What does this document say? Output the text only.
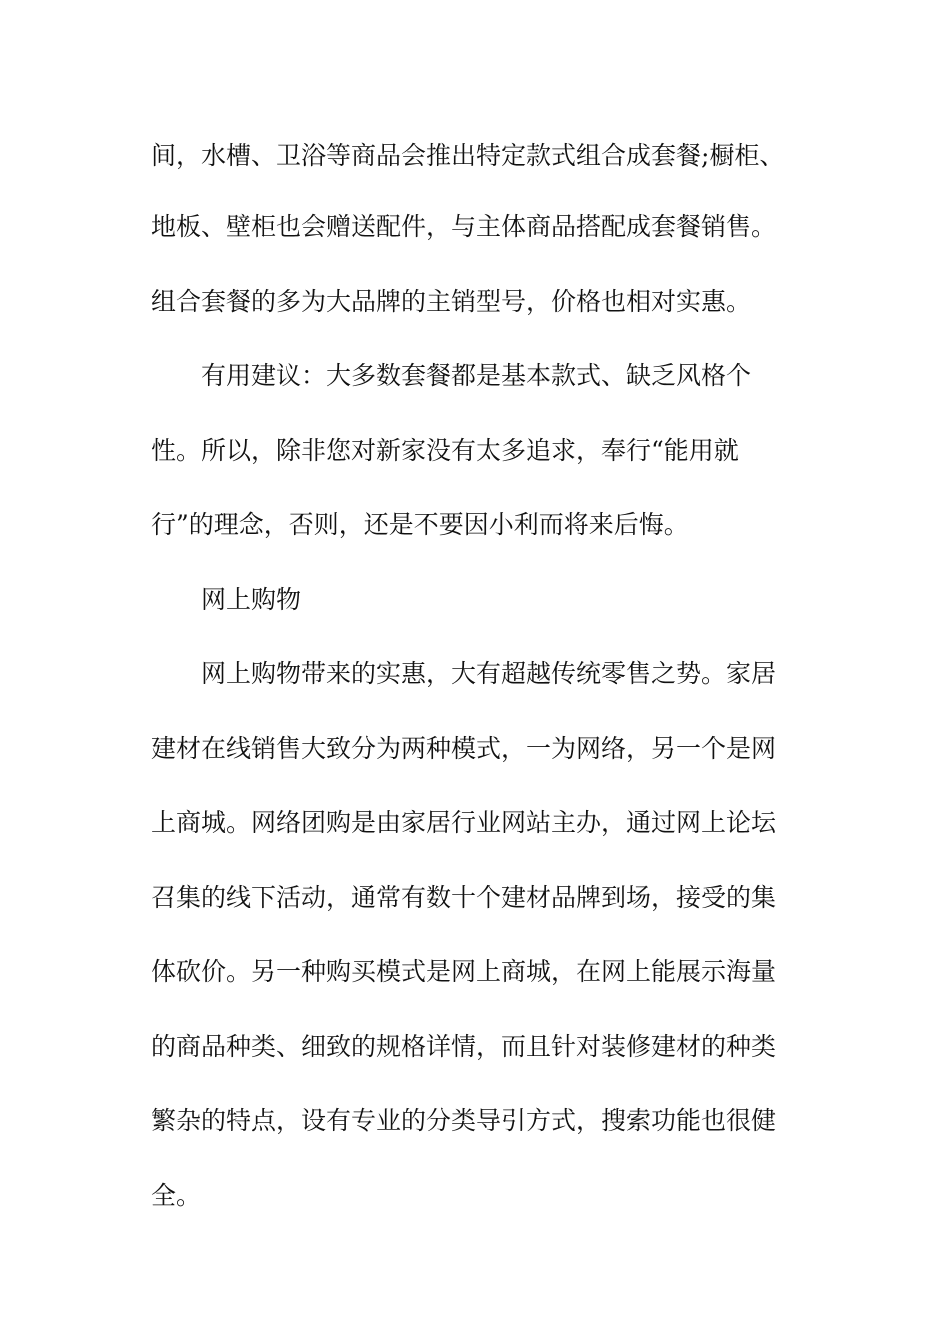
间，水槽、卫浴等商品会推出特定款式组合成套餐;橱柜、

地板、壁柜也会赠送配件，与主体商品搭配成套餐销售。

组合套餐的多为大品牌的主销型号，价格也相对实惠。

有用建议：大多数套餐都是基本款式、缺乏风格个

性。所以，除非您对新家没有太多追求，奉行“能用就

行”的理念，否则，还是不要因小利而将来后悔。

网上购物

网上购物带来的实惠，大有超越传统零售之势。家居

建材在线销售大致分为两种模式，一为网络，另一个是网

上商城。网络团购是由家居行业网站主办，通过网上论坛

召集的线下活动，通常有数十个建材品牌到场，接受的集

体砍价。另一种购买模式是网上商城，在网上能展示海量

的商品种类、细致的规格详情，而且针对装修建材的种类

繁杂的特点，设有专业的分类导引方式，搜索功能也很健

全。
